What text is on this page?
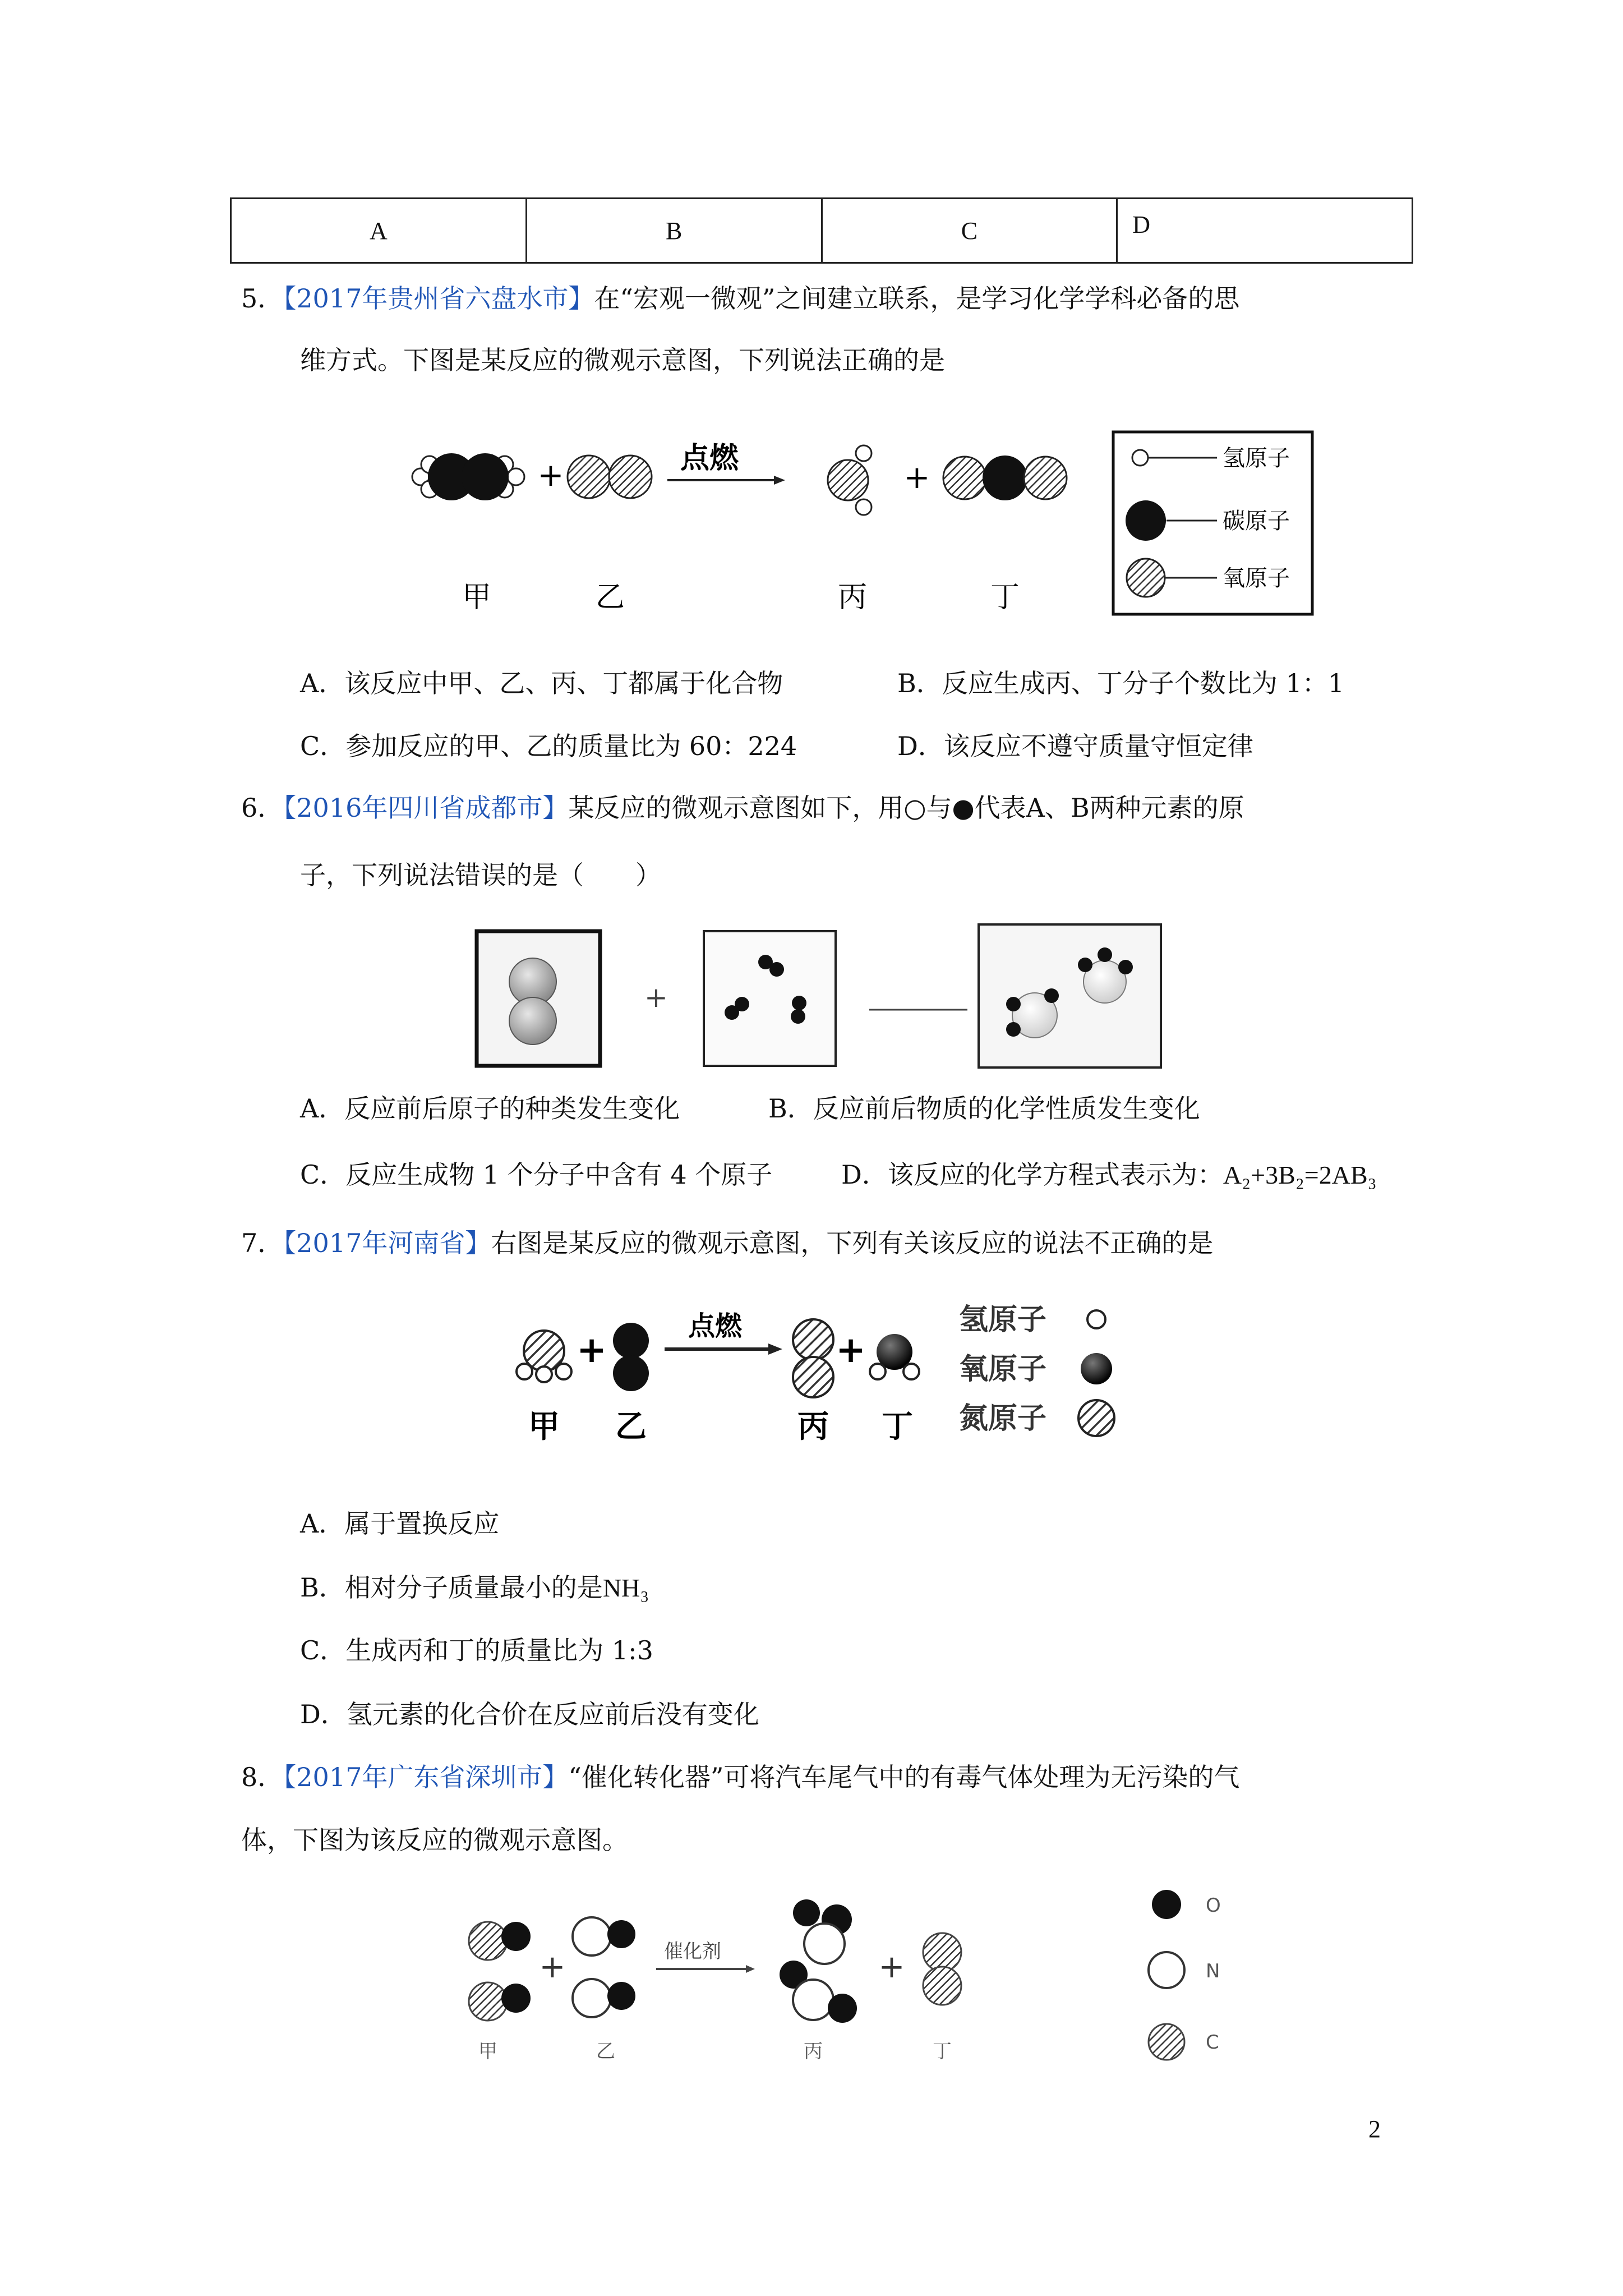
A	B	C	D
5．【2017年贵州省六盘水市】在“宏观一微观”之间建立联系，是学习化学学科必备的思
维方式。下图是某反应的微观示意图，下列说法正确的是
+	点燃
+
甲	乙	丙	丁
氢原子
碳原子
氧原子
A．该反应中甲、乙、丙、丁都属于化合物	B．反应生成丙、丁分子个数比为 1：1
C．参加反应的甲、乙的质量比为 60：224	D．该反应不遵守质量守恒定律
6．【2016年四川省成都市】某反应的微观示意图如下，用○与●代表A、B两种元素的原
子，下列说法错误的是（　　）
+
A．反应前后原子的种类发生变化	B．反应前后物质的化学性质发生变化
C．反应生成物 1 个分子中含有 4 个原子	D．该反应的化学方程式表示为：A₂+3B₂=2AB₃
7．【2017年河南省】右图是某反应的微观示意图，下列有关该反应的说法不正确的是
+
点燃
+
甲 乙	丙 丁
氢原子
氧原子
氮原子
A．属于置换反应
B．相对分子质量最小的是NH₃
C．生成丙和丁的质量比为 1:3
D．氢元素的化合价在反应前后没有变化
8．【2017年广东省深圳市】“催化转化器”可将汽车尾气中的有毒气体处理为无污染的气
体，下图为该反应的微观示意图。
+	催化剂	+
甲	乙	丙	丁
O
N
C
2
